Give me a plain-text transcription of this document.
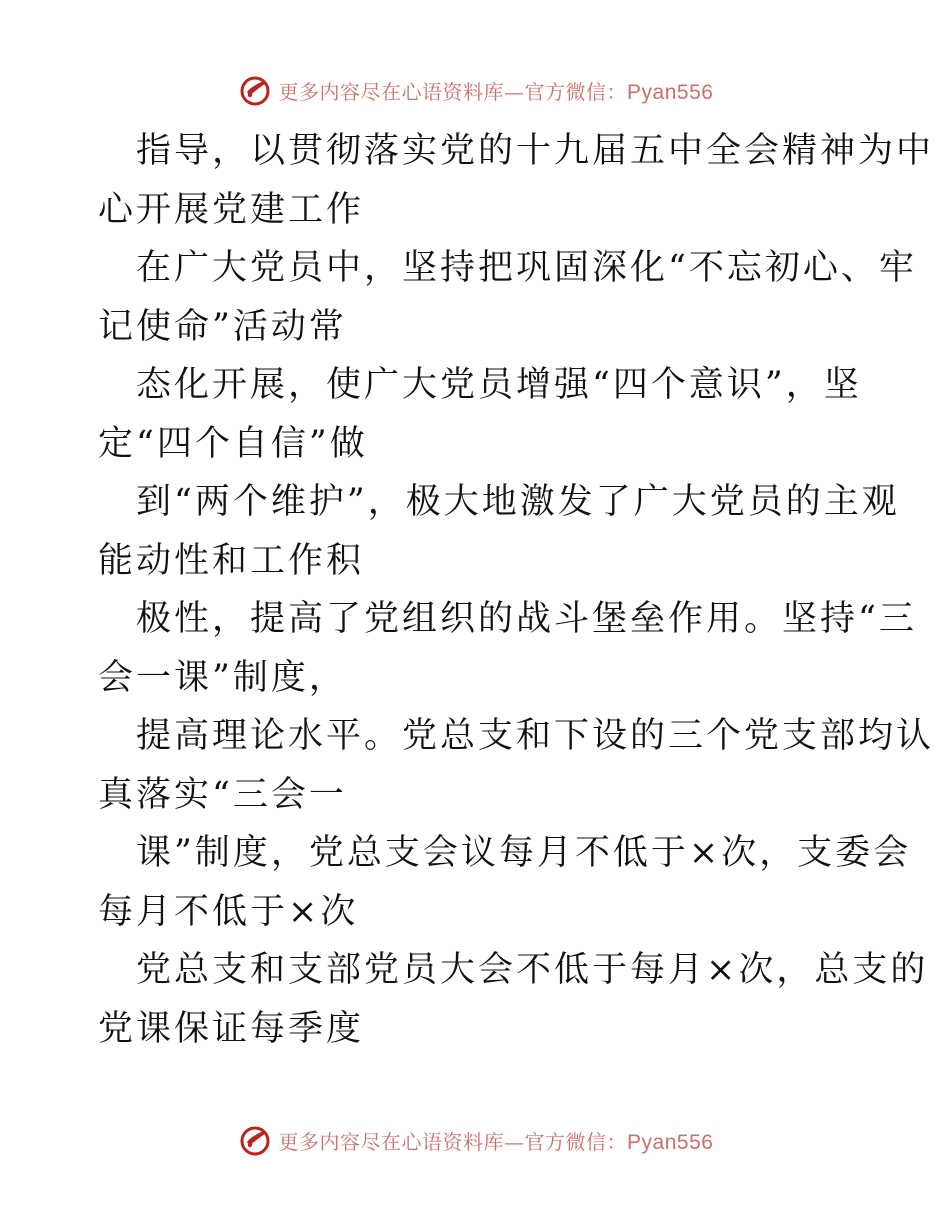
更多内容尽在心语资料库—官方微信：Pyan556

指导，以贯彻落实党的十九届五中全会精神为中
心开展党建工作

在广大党员中，坚持把巩固深化“不忘初心、牢
记使命”活动常

态化开展，使广大党员增强“四个意识”，坚
定“四个自信”做

到“两个维护”，极大地激发了广大党员的主观
能动性和工作积

极性，提高了党组织的战斗堡垒作用。坚持“三
会一课”制度，

提高理论水平。党总支和下设的三个党支部均认
真落实“三会一

课”制度，党总支会议每月不低于×次，支委会
每月不低于×次

党总支和支部党员大会不低于每月×次，总支的
党课保证每季度

更多内容尽在心语资料库—官方微信：Pyan556
